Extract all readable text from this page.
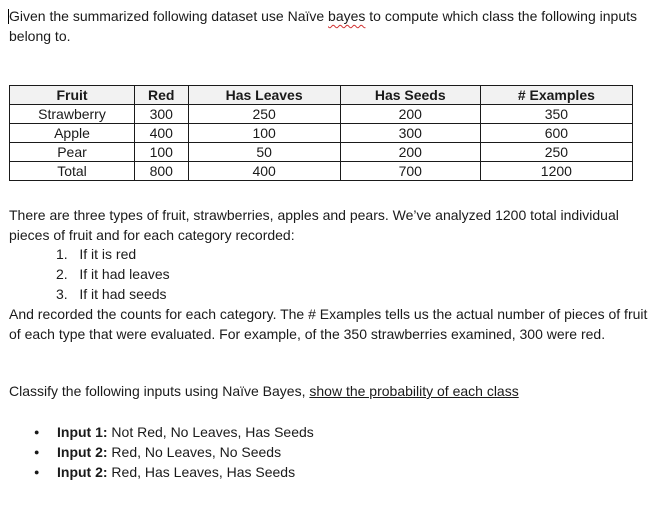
Given the summarized following dataset use Naïve bayes to compute which class the following inputs belong to.

Fruit	Red	Has Leaves	Has Seeds	# Examples
Strawberry	300	250	200	350
Apple	400	100	300	600
Pear	100	50	200	250
Total	800	400	700	1200

There are three types of fruit, strawberries, apples and pears. We’ve analyzed 1200 total individual pieces of fruit and for each category recorded:

1. If it is red
2. If it had leaves
3. If it had seeds

And recorded the counts for each category. The # Examples tells us the actual number of pieces of fruit of each type that were evaluated. For example, of the 350 strawberries examined, 300 were red.

Classify the following inputs using Naïve Bayes, show the probability of each class

● Input 1: Not Red, No Leaves, Has Seeds
● Input 2: Red, No Leaves, No Seeds
● Input 2: Red, Has Leaves, Has Seeds
